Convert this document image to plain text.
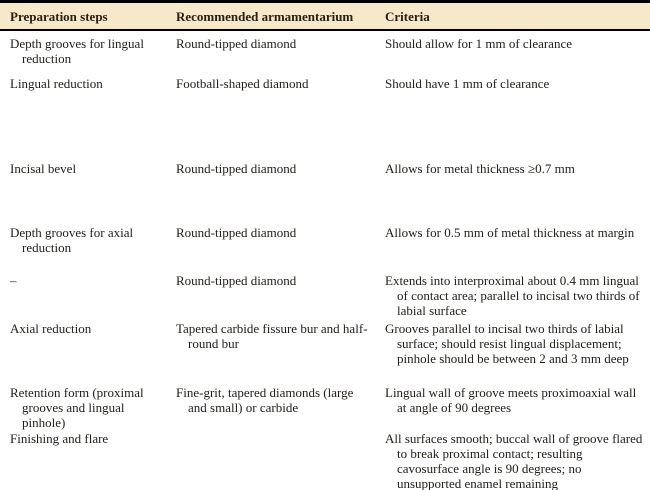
Preparation steps	Recommended armamentarium	Criteria

Depth grooves for lingual reduction	Round-tipped diamond	Should allow for 1 mm of clearance

Lingual reduction	Football-shaped diamond	Should have 1 mm of clearance

Incisal bevel	Round-tipped diamond	Allows for metal thickness ≥0.7 mm

Depth grooves for axial reduction	Round-tipped diamond	Allows for 0.5 mm of metal thickness at margin

–	Round-tipped diamond	Extends into interproximal about 0.4 mm lingual of contact area; parallel to incisal two thirds of labial surface

Axial reduction	Tapered carbide fissure bur and half-round bur	Grooves parallel to incisal two thirds of labial surface; should resist lingual displacement; pinhole should be between 2 and 3 mm deep

Retention form (proximal grooves and lingual pinhole)	Fine-grit, tapered diamonds (large and small) or carbide	Lingual wall of groove meets proximoaxial wall at angle of 90 degrees

Finishing and flare		All surfaces smooth; buccal wall of groove flared to break proximal contact; resulting cavosurface angle is 90 degrees; no unsupported enamel remaining
